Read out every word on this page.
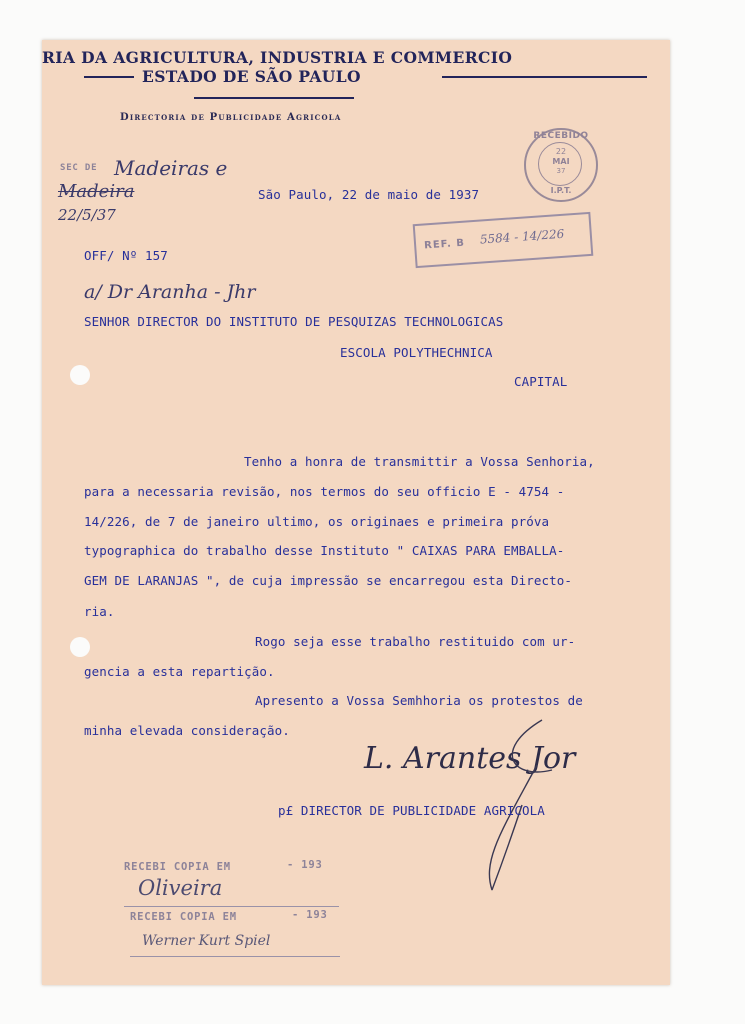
RIA DA AGRICULTURA, INDUSTRIA E COMMERCIO
ESTADO DE SÃO PAULO
Directoria de Publicidade Agricola
SEC DE Madeiras e
Madeira
22/5/37
São Paulo, 22 de maio de 1937
OFF/ Nº 157
RECEBIDO
22
MAI
37
I.P.T.
REF. B 5584 - 14/226
a/ Dr Aranha - Jhr
SENHOR DIRECTOR DO INSTITUTO DE PESQUIZAS TECHNOLOGICAS
ESCOLA POLYTHECHNICA
CAPITAL
Tenho a honra de transmittir a Vossa Senhoria,
para a necessaria revisão, nos termos do seu officio E - 4754 -
14/226, de 7 de janeiro ultimo, os originaes e primeira próva
typographica do trabalho desse Instituto " CAIXAS PARA EMBALLA-
GEM DE LARANJAS ", de cuja impressão se encarregou esta Directo-
ria.
Rogo seja esse trabalho restituido com ur-
gencia a esta repartição.
Apresento a Vossa Semhhoria os protestos de
minha elevada consideração.
L. Arantes Jor
p£ DIRECTOR DE PUBLICIDADE AGRICOLA
RECEBI COPIA EM	- 193
Oliveira
RECEBI COPIA EM	- 193
Werner Kurt Spiel
